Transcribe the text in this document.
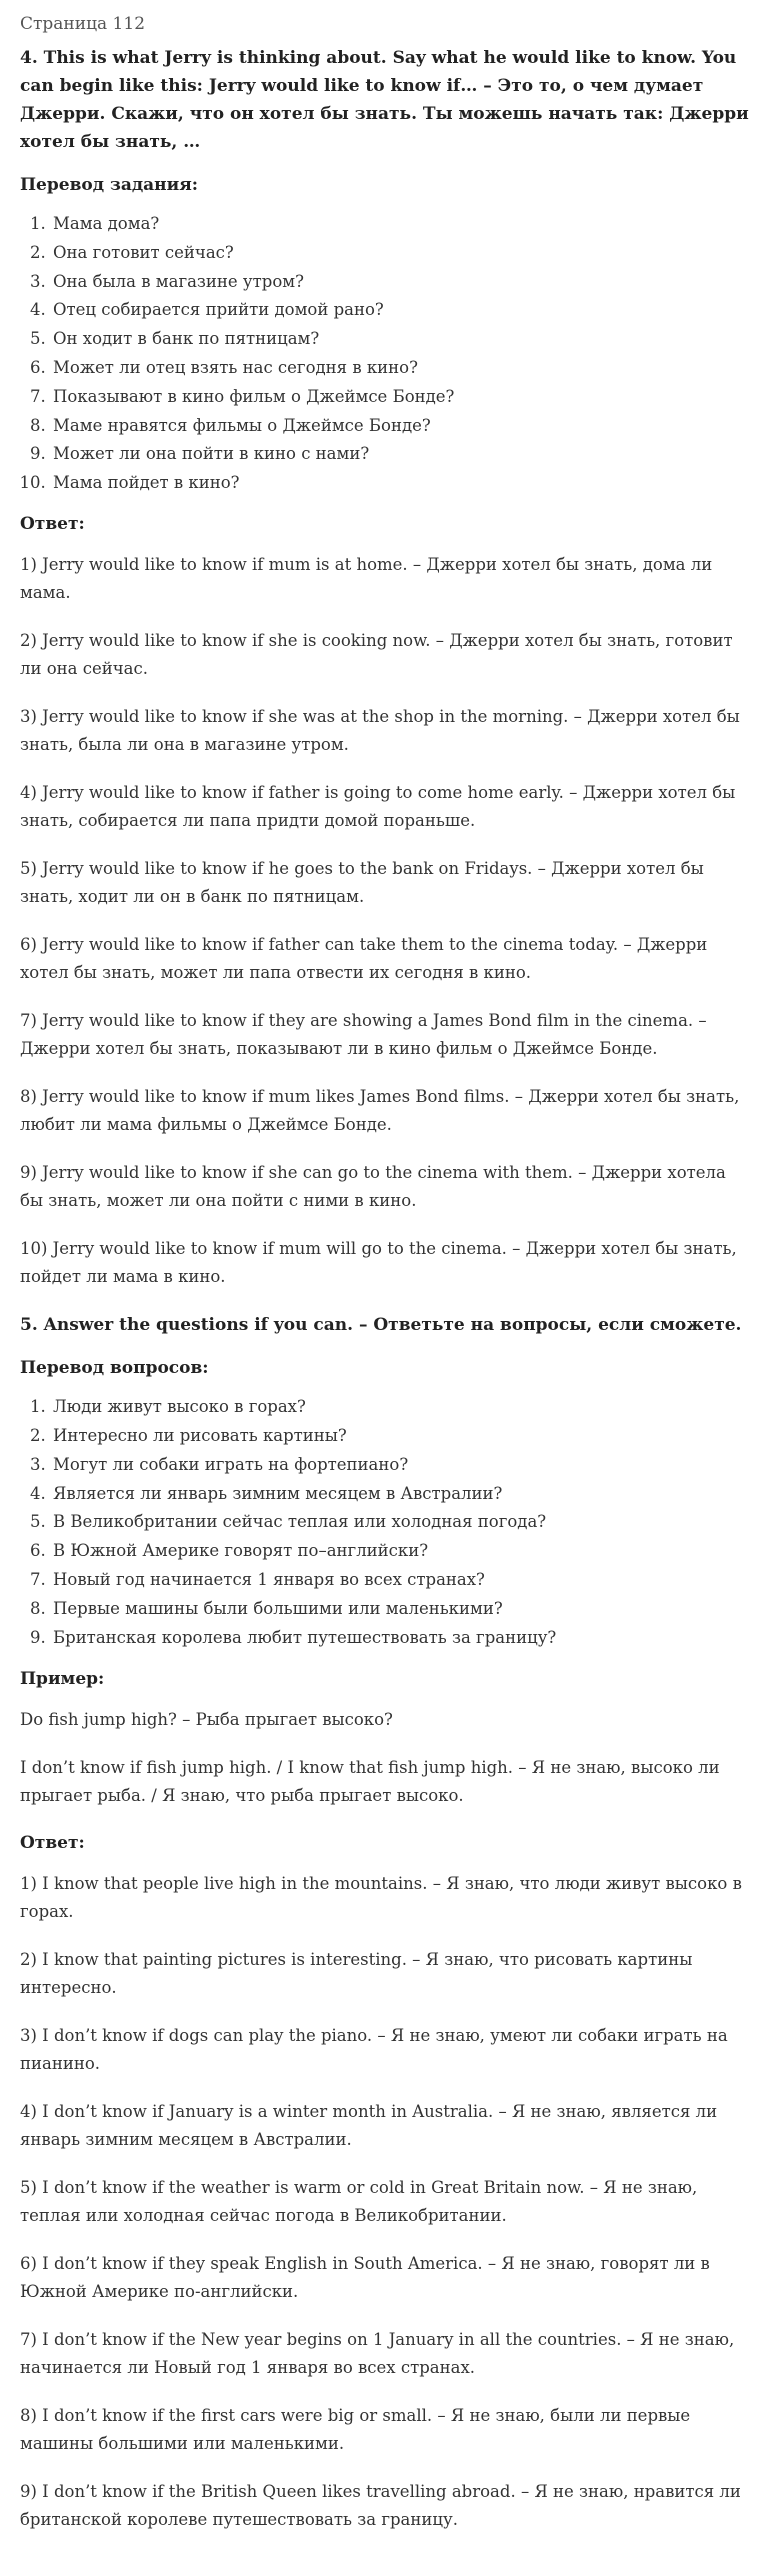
Страница 112
4. This is what Jerry is thinking about. Say what he would like to know. You can begin like this: Jerry would like to know if… – Это то, о чем думает Джерри. Скажи, что он хотел бы знать. Ты можешь начать так: Джерри хотел бы знать, …
Перевод задания:
1. Мама дома?
2. Она готовит сейчас?
3. Она была в магазине утром?
4. Отец собирается прийти домой рано?
5. Он ходит в банк по пятницам?
6. Может ли отец взять нас сегодня в кино?
7. Показывают в кино фильм о Джеймсе Бонде?
8. Маме нравятся фильмы о Джеймсе Бонде?
9. Может ли она пойти в кино с нами?
10. Мама пойдет в кино?
Ответ:

1) Jerry would like to know if mum is at home. – Джерри хотел бы знать, дома ли мама.

2) Jerry would like to know if she is cooking now. – Джерри хотел бы знать, готовит ли она сейчас.

3) Jerry would like to know if she was at the shop in the morning. – Джерри хотел бы знать, была ли она в магазине утром.

4) Jerry would like to know if father is going to come home early. – Джерри хотел бы знать, собирается ли папа придти домой пораньше.

5) Jerry would like to know if he goes to the bank on Fridays. – Джерри хотел бы знать, ходит ли он в банк по пятницам.

6) Jerry would like to know if father can take them to the cinema today. – Джерри хотел бы знать, может ли папа отвести их сегодня в кино.

7) Jerry would like to know if they are showing a James Bond film in the cinema. – Джерри хотел бы знать, показывают ли в кино фильм о Джеймсе Бонде.

8) Jerry would like to know if mum likes James Bond films. – Джерри хотел бы знать, любит ли мама фильмы о Джеймсе Бонде.

9) Jerry would like to know if she can go to the cinema with them. – Джерри хотела бы знать, может ли она пойти с ними в кино.

10) Jerry would like to know if mum will go to the cinema. – Джерри хотел бы знать, пойдет ли мама в кино.

5. Answer the questions if you can. – Ответьте на вопросы, если сможете.
Перевод вопросов:
1. Люди живут высоко в горах?
2. Интересно ли рисовать картины?
3. Могут ли собаки играть на фортепиано?
4. Является ли январь зимним месяцем в Австралии?
5. В Великобритании сейчас теплая или холодная погода?
6. В Южной Америке говорят по–английски?
7. Новый год начинается 1 января во всех странах?
8. Первые машины были большими или маленькими?
9. Британская королева любит путешествовать за границу?
Пример:

Do fish jump high? – Рыба прыгает высоко?

I don’t know if fish jump high. / I know that fish jump high. – Я не знаю, высоко ли прыгает рыба. / Я знаю, что рыба прыгает высоко.

Ответ:

1) I know that people live high in the mountains. – Я знаю, что люди живут высоко в горах.

2) I know that painting pictures is interesting. – Я знаю, что рисовать картины интересно.

3) I don’t know if dogs can play the piano. – Я не знаю, умеют ли собаки играть на пианино.

4) I don’t know if January is a winter month in Australia. – Я не знаю, является ли январь зимним месяцем в Австралии.

5) I don’t know if the weather is warm or cold in Great Britain now. – Я не знаю, теплая или холодная сейчас погода в Великобритании.

6) I don’t know if they speak English in South America. – Я не знаю, говорят ли в Южной Америке по-английски.

7) I don’t know if the New year begins on 1 January in all the countries. – Я не знаю, начинается ли Новый год 1 января во всех странах.

8) I don’t know if the first cars were big or small. – Я не знаю, были ли первые машины большими или маленькими.

9) I don’t know if the British Queen likes travelling abroad. – Я не знаю, нравится ли британской королеве путешествовать за границу.
